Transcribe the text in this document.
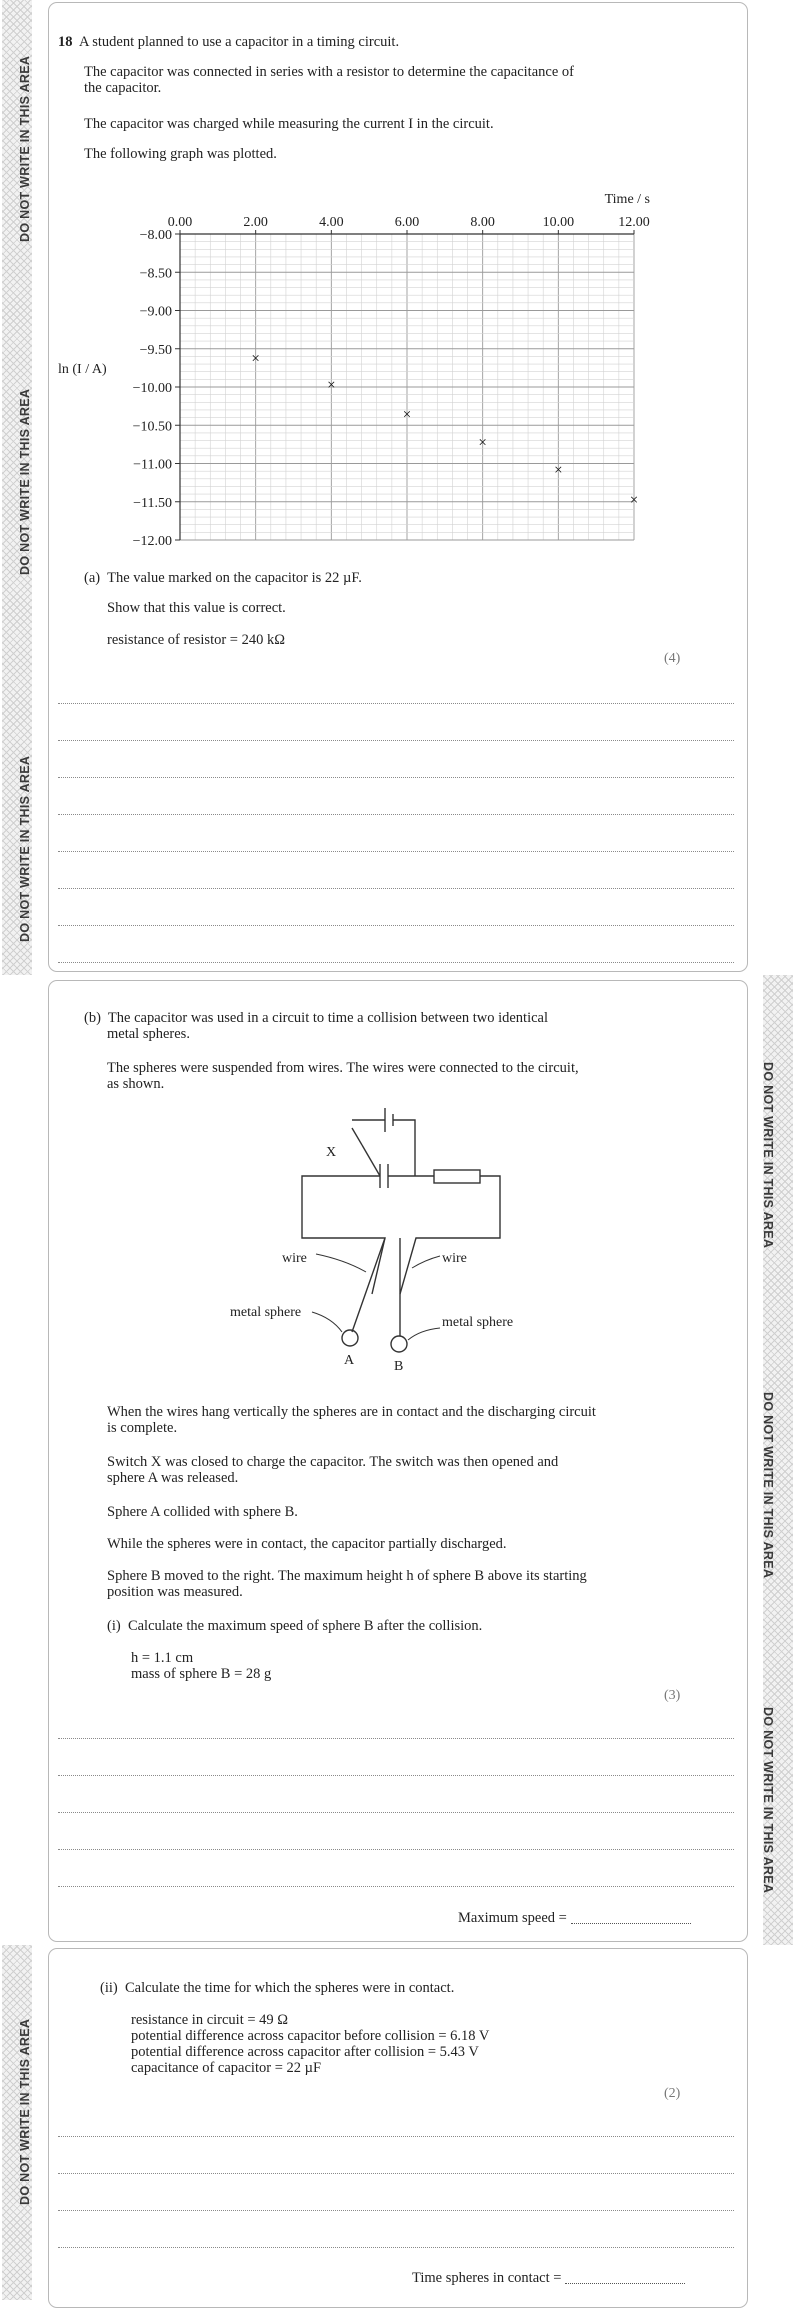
DO NOT WRITE IN THIS AREA
DO NOT WRITE IN THIS AREA
DO NOT WRITE IN THIS AREA
DO NOT WRITE IN THIS AREA
DO NOT WRITE IN THIS AREA
DO NOT WRITE IN THIS AREA
DO NOT WRITE IN THIS AREA
18 A student planned to use a capacitor in a timing circuit.
The capacitor was connected in series with a resistor to determine the capacitance of
the capacitor.
The capacitor was charged while measuring the current I in the circuit.
The following graph was plotted.
0.00	2.00	4.00	6.00	8.00	10.00	12.00
−8.00
−8.50
−9.00
−9.50
−10.00
−10.50
−11.00
−11.50
−12.00
Time / s
ln (I / A)
×
×
×
×
×
×
(a) The value marked on the capacitor is 22 µF.
Show that this value is correct.
resistance of resistor = 240 kΩ
(4)
(b) The capacitor was used in a circuit to time a collision between two identical
metal spheres.
The spheres were suspended from wires. The wires were connected to the circuit,
as shown.
X
wire	wire
metal sphere
metal sphere
A	B
When the wires hang vertically the spheres are in contact and the discharging circuit
is complete.
Switch X was closed to charge the capacitor. The switch was then opened and
sphere A was released.
Sphere A collided with sphere B.
While the spheres were in contact, the capacitor partially discharged.
Sphere B moved to the right. The maximum height h of sphere B above its starting
position was measured.
(i) Calculate the maximum speed of sphere B after the collision.
h = 1.1 cm
mass of sphere B = 28 g
(3)
Maximum speed =
(ii) Calculate the time for which the spheres were in contact.
resistance in circuit = 49 Ω
potential difference across capacitor before collision = 6.18 V
potential difference across capacitor after collision = 5.43 V
capacitance of capacitor = 22 µF
(2)
Time spheres in contact =
